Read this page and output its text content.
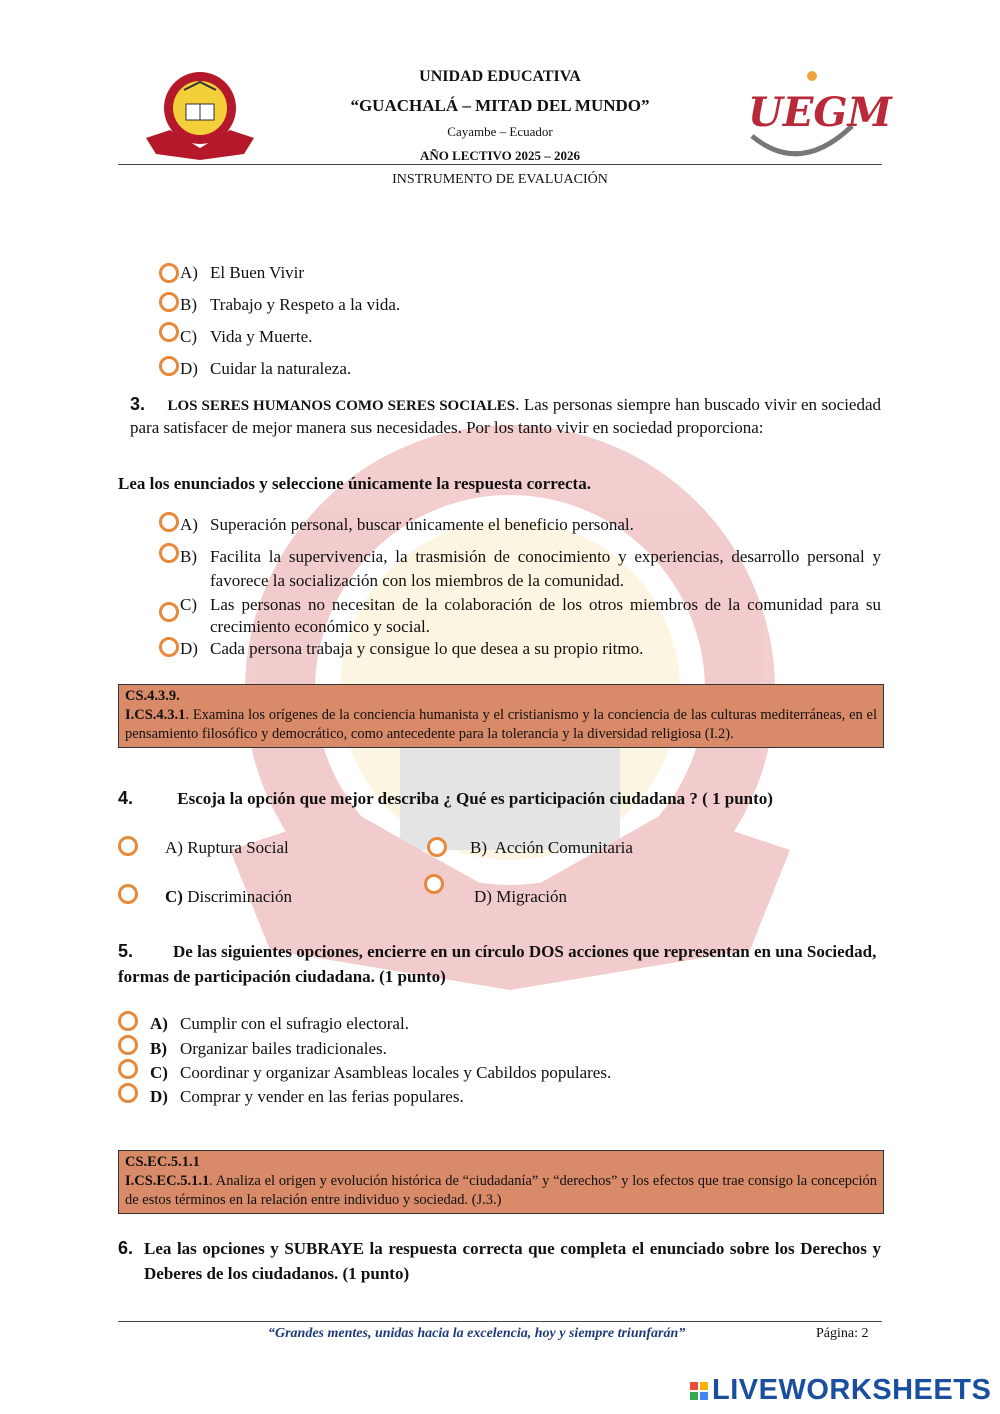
UEGM
UNIDAD EDUCATIVA
“GUACHALÁ – MITAD DEL MUNDO”
Cayambe – Ecuador
AÑO LECTIVO 2025 – 2026
INSTRUMENTO DE EVALUACIÓN
A) El Buen Vivir
B) Trabajo y Respeto a la vida.
C) Vida y Muerte.
D) Cuidar la naturaleza.
3. LOS SERES HUMANOS COMO SERES SOCIALES. Las personas siempre han buscado vivir en sociedad para satisfacer de mejor manera sus necesidades. Por los tanto vivir en sociedad proporciona:
Lea los enunciados y seleccione únicamente la respuesta correcta.
A) Superación personal, buscar únicamente el beneficio personal.
B) Facilita la supervivencia, la trasmisión de conocimiento y experiencias, desarrollo personal y favorece la socialización con los miembros de la comunidad.
C) Las personas no necesitan de la colaboración de los otros miembros de la comunidad para su crecimiento económico y social.
D) Cada persona trabaja y consigue lo que desea a su propio ritmo.
CS.4.3.9.
I.CS.4.3.1. Examina los orígenes de la conciencia humanista y el cristianismo y la conciencia de las culturas mediterráneas, en el pensamiento filosófico y democrático, como antecedente para la tolerancia y la diversidad religiosa (I.2).
4.	Escoja la opción que mejor describa ¿ Qué es participación ciudadana ? ( 1 punto)
A) Ruptura Social	B) Acción Comunitaria
C) Discriminación	D) Migración
5. De las siguientes opciones, encierre en un círculo DOS acciones que representan en una Sociedad, formas de participación ciudadana. (1 punto)
A) Cumplir con el sufragio electoral.
B) Organizar bailes tradicionales.
C) Coordinar y organizar Asambleas locales y Cabildos populares.
D) Comprar y vender en las ferias populares.
CS.EC.5.1.1
I.CS.EC.5.1.1. Analiza el origen y evolución histórica de “ciudadanía” y “derechos” y los efectos que trae consigo la concepción de estos términos en la relación entre individuo y sociedad. (J.3.)
6. Lea las opciones y SUBRAYE la respuesta correcta que completa el enunciado sobre los Derechos y Deberes de los ciudadanos. (1 punto)
“Grandes mentes, unidas hacia la excelencia, hoy y siempre triunfarán”	Página: 2
LIVEWORKSHEETS
